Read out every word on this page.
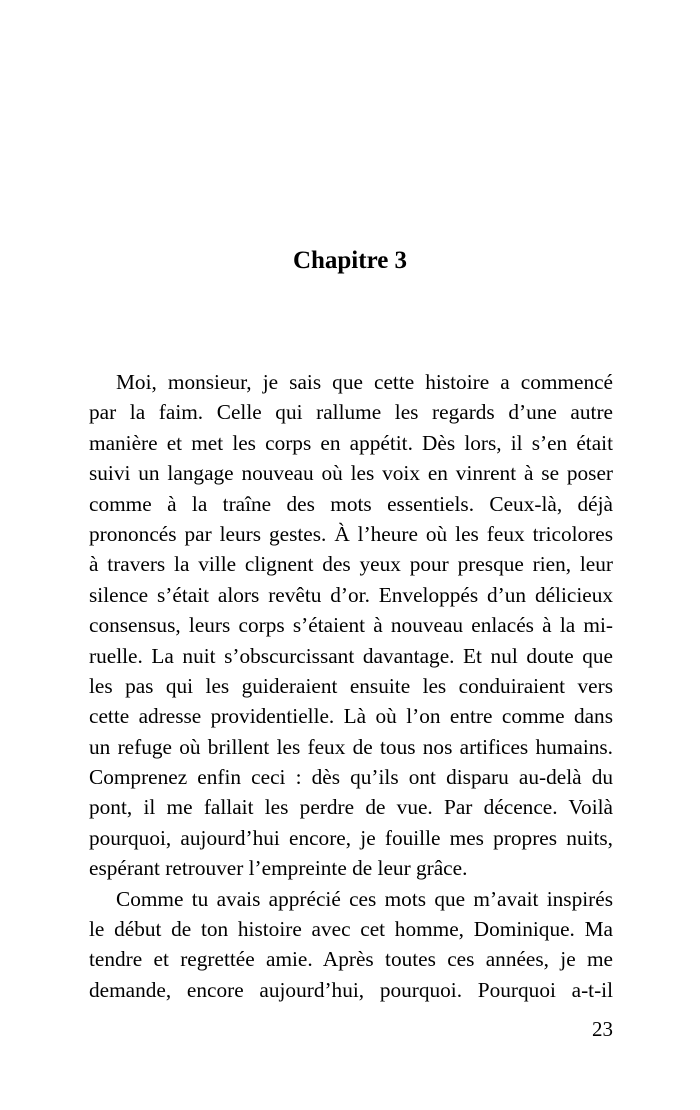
Chapitre 3
Moi, monsieur, je sais que cette histoire a commencé
par la faim. Celle qui rallume les regards d’une autre
manière et met les corps en appétit. Dès lors, il s’en était
suivi un langage nouveau où les voix en vinrent à se poser
comme à la traîne des mots essentiels. Ceux-là, déjà
prononcés par leurs gestes. À l’heure où les feux tricolores
à travers la ville clignent des yeux pour presque rien, leur
silence s’était alors revêtu d’or. Enveloppés d’un délicieux
consensus, leurs corps s’étaient à nouveau enlacés à la mi-
ruelle. La nuit s’obscurcissant davantage. Et nul doute que
les pas qui les guideraient ensuite les conduiraient vers
cette adresse providentielle. Là où l’on entre comme dans
un refuge où brillent les feux de tous nos artifices humains.
Comprenez enfin ceci : dès qu’ils ont disparu au-delà du
pont, il me fallait les perdre de vue. Par décence. Voilà
pourquoi, aujourd’hui encore, je fouille mes propres nuits,
espérant retrouver l’empreinte de leur grâce.
Comme tu avais apprécié ces mots que m’avait inspirés
le début de ton histoire avec cet homme, Dominique. Ma
tendre et regrettée amie. Après toutes ces années, je me
demande, encore aujourd’hui, pourquoi. Pourquoi a-t-il
23
